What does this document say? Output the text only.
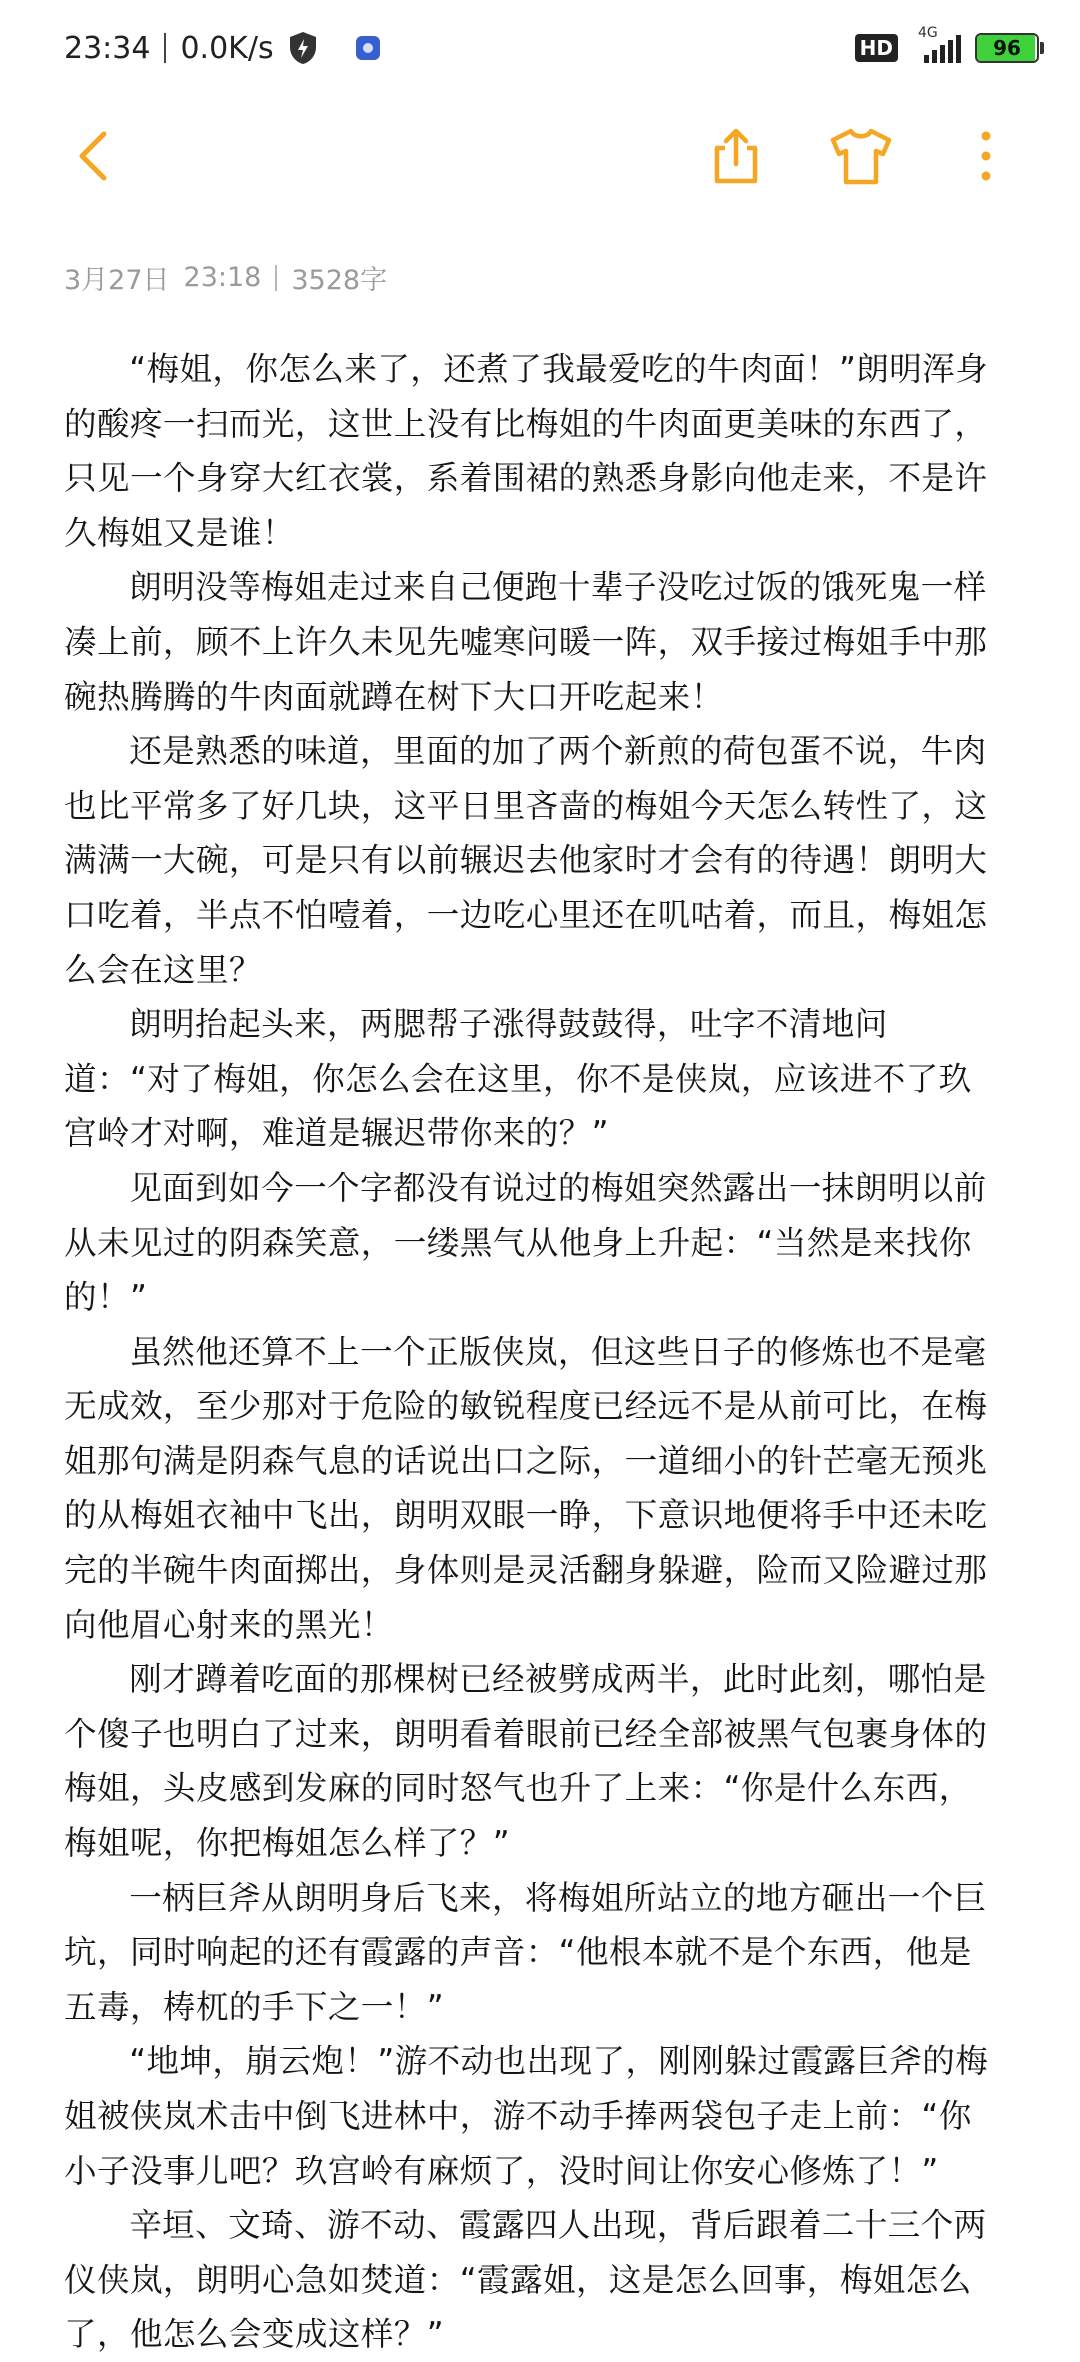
23:34 0.0K/s	HD
4G
96
3月27日 23:18 3528字

“梅姐，你怎么来了，还煮了我最爱吃的牛肉面！”朗明浑身的酸疼一扫而光，这世上没有比梅姐的牛肉面更美味的东西了，只见一个身穿大红衣裳，系着围裙的熟悉身影向他走来，不是许久梅姐又是谁！

朗明没等梅姐走过来自己便跑十辈子没吃过饭的饿死鬼一样凑上前，顾不上许久未见先嘘寒问暖一阵，双手接过梅姐手中那碗热腾腾的牛肉面就蹲在树下大口开吃起来！

还是熟悉的味道，里面的加了两个新煎的荷包蛋不说，牛肉也比平常多了好几块，这平日里吝啬的梅姐今天怎么转性了，这满满一大碗，可是只有以前辗迟去他家时才会有的待遇！朗明大口吃着，半点不怕噎着，一边吃心里还在叽咕着，而且，梅姐怎么会在这里？

朗明抬起头来，两腮帮子涨得鼓鼓得，吐字不清地问道：“对了梅姐，你怎么会在这里，你不是侠岚，应该进不了玖宫岭才对啊，难道是辗迟带你来的？”

见面到如今一个字都没有说过的梅姐突然露出一抹朗明以前从未见过的阴森笑意，一缕黑气从他身上升起：“当然是来找你的！”

虽然他还算不上一个正版侠岚，但这些日子的修炼也不是毫无成效，至少那对于危险的敏锐程度已经远不是从前可比，在梅姐那句满是阴森气息的话说出口之际，一道细小的针芒毫无预兆的从梅姐衣袖中飞出，朗明双眼一睁，下意识地便将手中还未吃完的半碗牛肉面掷出，身体则是灵活翻身躲避，险而又险避过那向他眉心射来的黑光！

刚才蹲着吃面的那棵树已经被劈成两半，此时此刻，哪怕是个傻子也明白了过来，朗明看着眼前已经全部被黑气包裹身体的梅姐，头皮感到发麻的同时怒气也升了上来：“你是什么东西，梅姐呢，你把梅姐怎么样了？”

一柄巨斧从朗明身后飞来，将梅姐所站立的地方砸出一个巨坑，同时响起的还有霞露的声音：“他根本就不是个东西，他是五毒，梼杌的手下之一！”

“地坤，崩云炮！”游不动也出现了，刚刚躲过霞露巨斧的梅姐被侠岚术击中倒飞进林中，游不动手捧两袋包子走上前：“你小子没事儿吧？玖宫岭有麻烦了，没时间让你安心修炼了！”

辛垣、文琦、游不动、霞露四人出现，背后跟着二十三个两仪侠岚，朗明心急如焚道：“霞露姐，这是怎么回事，梅姐怎么了，他怎么会变成这样？”
